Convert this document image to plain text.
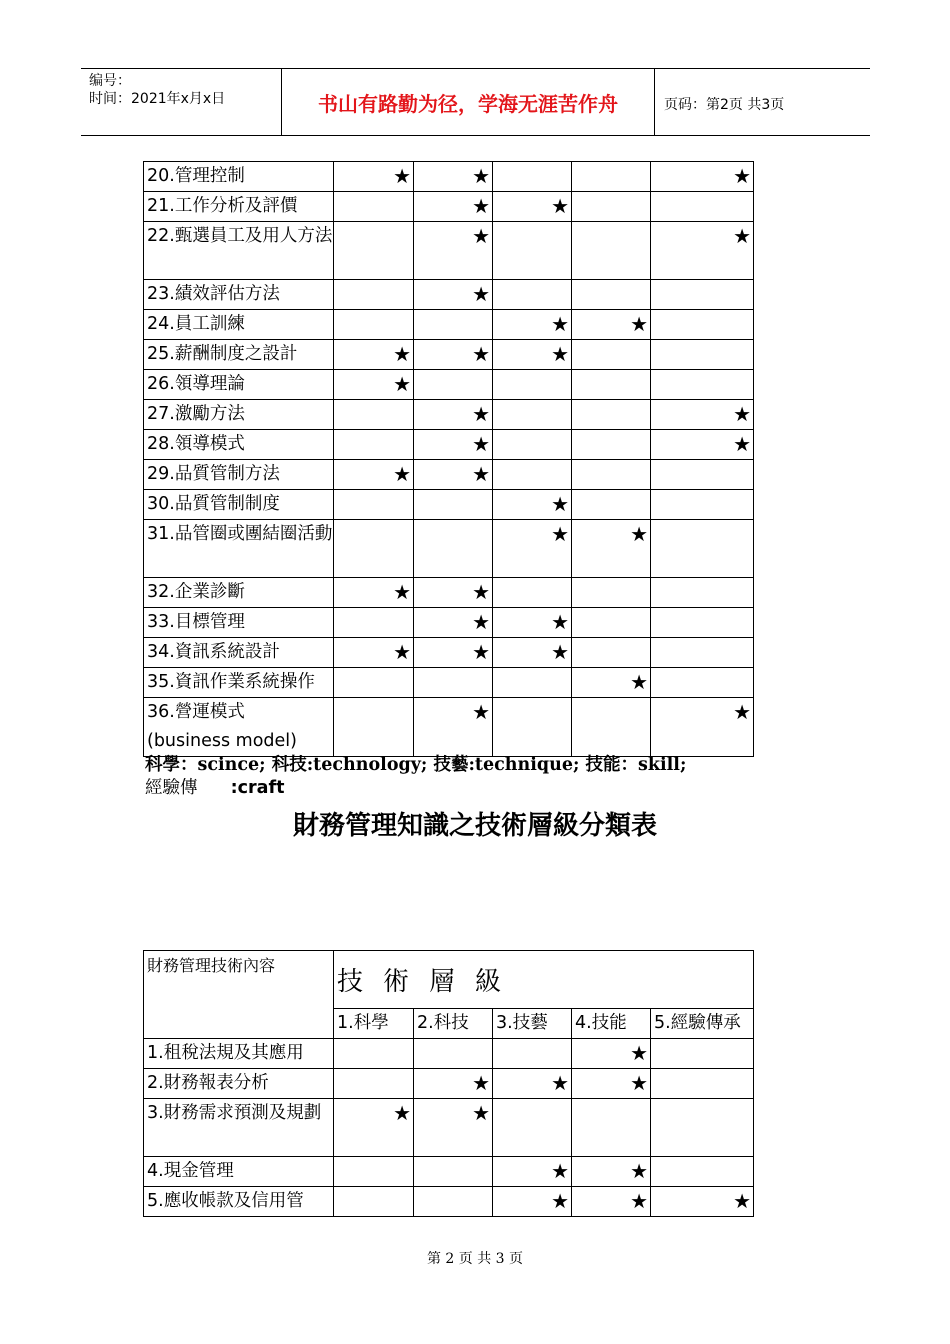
编号：
时间：2021年x月x日	书山有路勤为径，学海无涯苦作舟	页码：第2页 共3页
20.管理控制	★	★			★
21.工作分析及評價		★	★		
22.甄選員工及用人方法		★			★
23.績效評估方法		★			
24.員工訓練			★	★	
25.薪酬制度之設計	★	★	★		
26.領導理論	★				
27.激勵方法		★			★
28.領導模式		★			★
29.品質管制方法	★	★			
30.品質管制制度			★		
31.品管圈或團結圈活動			★	★	
32.企業診斷	★	★			
33.目標管理		★	★		
34.資訊系統設計	★	★	★		
35.資訊作業系統操作				★	
36.營運模式 (business model)		★			★
科學：scince; 科技:technology; 技藝:technique; 技能：skill;
經驗傳 :craft
財務管理知識之技術層級分類表
財務管理技術內容	技術層級				

	1.科學	2.科技	3.技藝	4.技能	5.經驗傳承
1.租稅法規及其應用				★	
2.財務報表分析		★	★	★	
3.財務需求預測及規劃	★	★			
4.現金管理			★	★	
5.應收帳款及信用管			★	★	★
第 2 页 共 3 页
